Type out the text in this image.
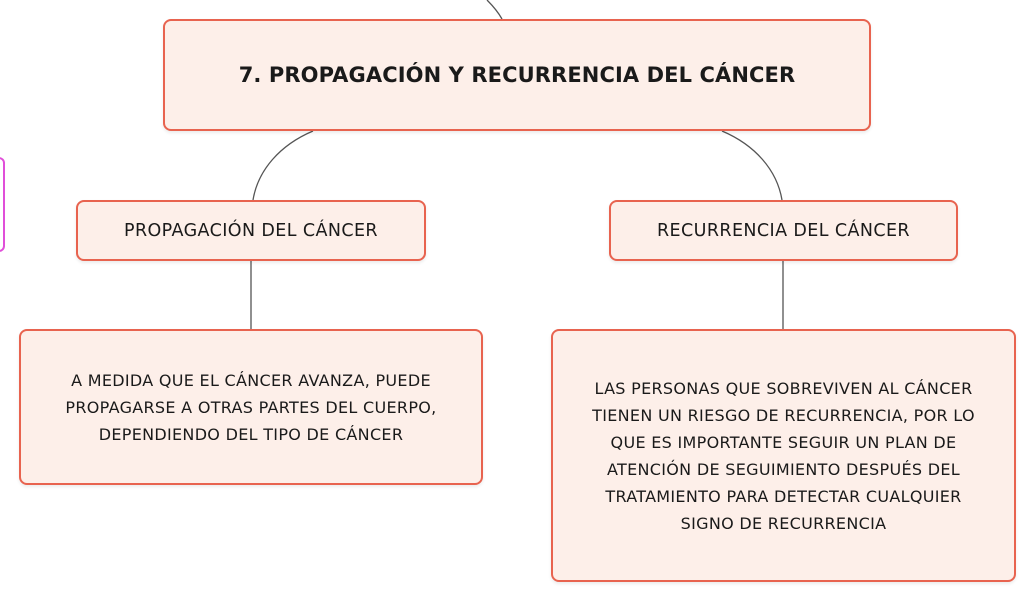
7. PROPAGACIÓN Y RECURRENCIA DEL CÁNCER
PROPAGACIÓN DEL CÁNCER	RECURRENCIA DEL CÁNCER
A MEDIDA QUE EL CÁNCER AVANZA, PUEDE
PROPAGARSE A OTRAS PARTES DEL CUERPO,
DEPENDIENDO DEL TIPO DE CÁNCER
LAS PERSONAS QUE SOBREVIVEN AL CÁNCER
TIENEN UN RIESGO DE RECURRENCIA, POR LO
QUE ES IMPORTANTE SEGUIR UN PLAN DE
ATENCIÓN DE SEGUIMIENTO DESPUÉS DEL
TRATAMIENTO PARA DETECTAR CUALQUIER
SIGNO DE RECURRENCIA
